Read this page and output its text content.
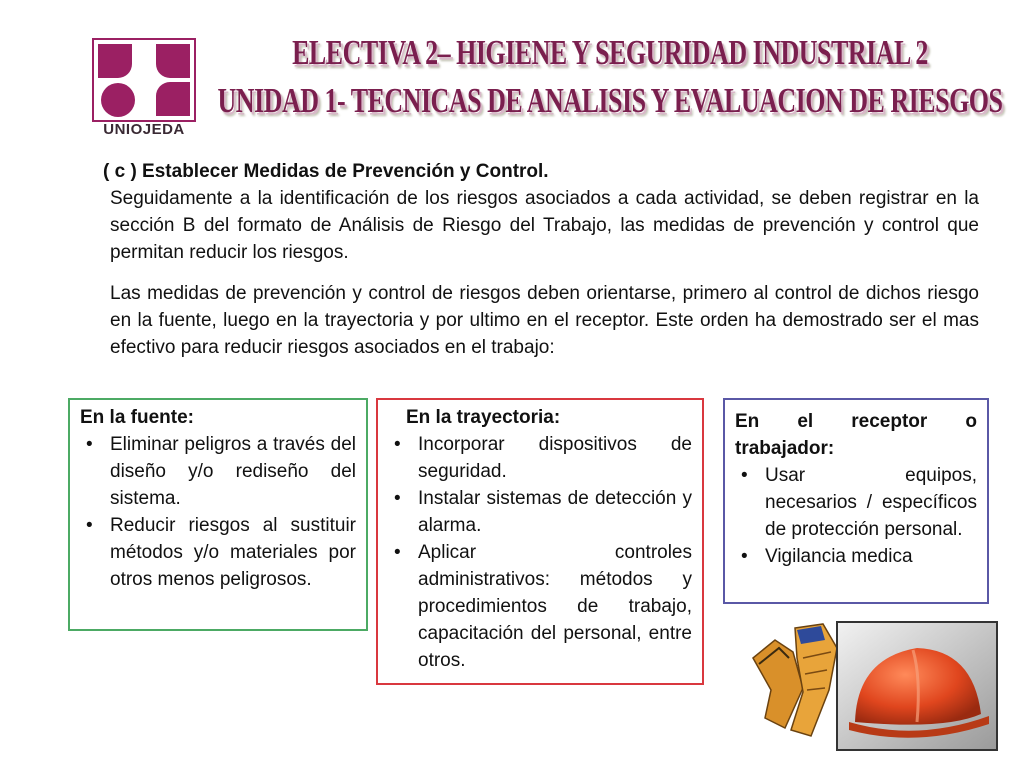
UNIOJEDA
ELECTIVA 2– HIGIENE Y SEGURIDAD INDUSTRIAL 2
UNIDAD 1- TECNICAS DE ANALISIS Y EVALUACION DE RIESGOS

( c ) Establecer Medidas de Prevención y Control.

Seguidamente a la identificación de los riesgos asociados a cada actividad, se deben registrar en la sección B del formato de Análisis de Riesgo del Trabajo, las medidas de prevención y control que permitan reducir los riesgos.

Las medidas de prevención y control de riesgos deben orientarse, primero al control de dichos riesgo en la fuente, luego en la trayectoria y por ultimo en el receptor. Este orden ha demostrado ser el mas efectivo para reducir riesgos asociados en el trabajo:

En la fuente:
• Eliminar peligros a través del diseño y/o rediseño del sistema.
• Reducir riesgos al sustituir métodos y/o materiales por otros menos peligrosos.
En la trayectoria:
• Incorporar dispositivos de seguridad.
• Instalar sistemas de detección y alarma.
• Aplicar controles administrativos: métodos y procedimientos de trabajo, capacitación del personal, entre otros.
En el receptor o trabajador:
• Usar equipos, necesarios / específicos de protección personal.
• Vigilancia medica
